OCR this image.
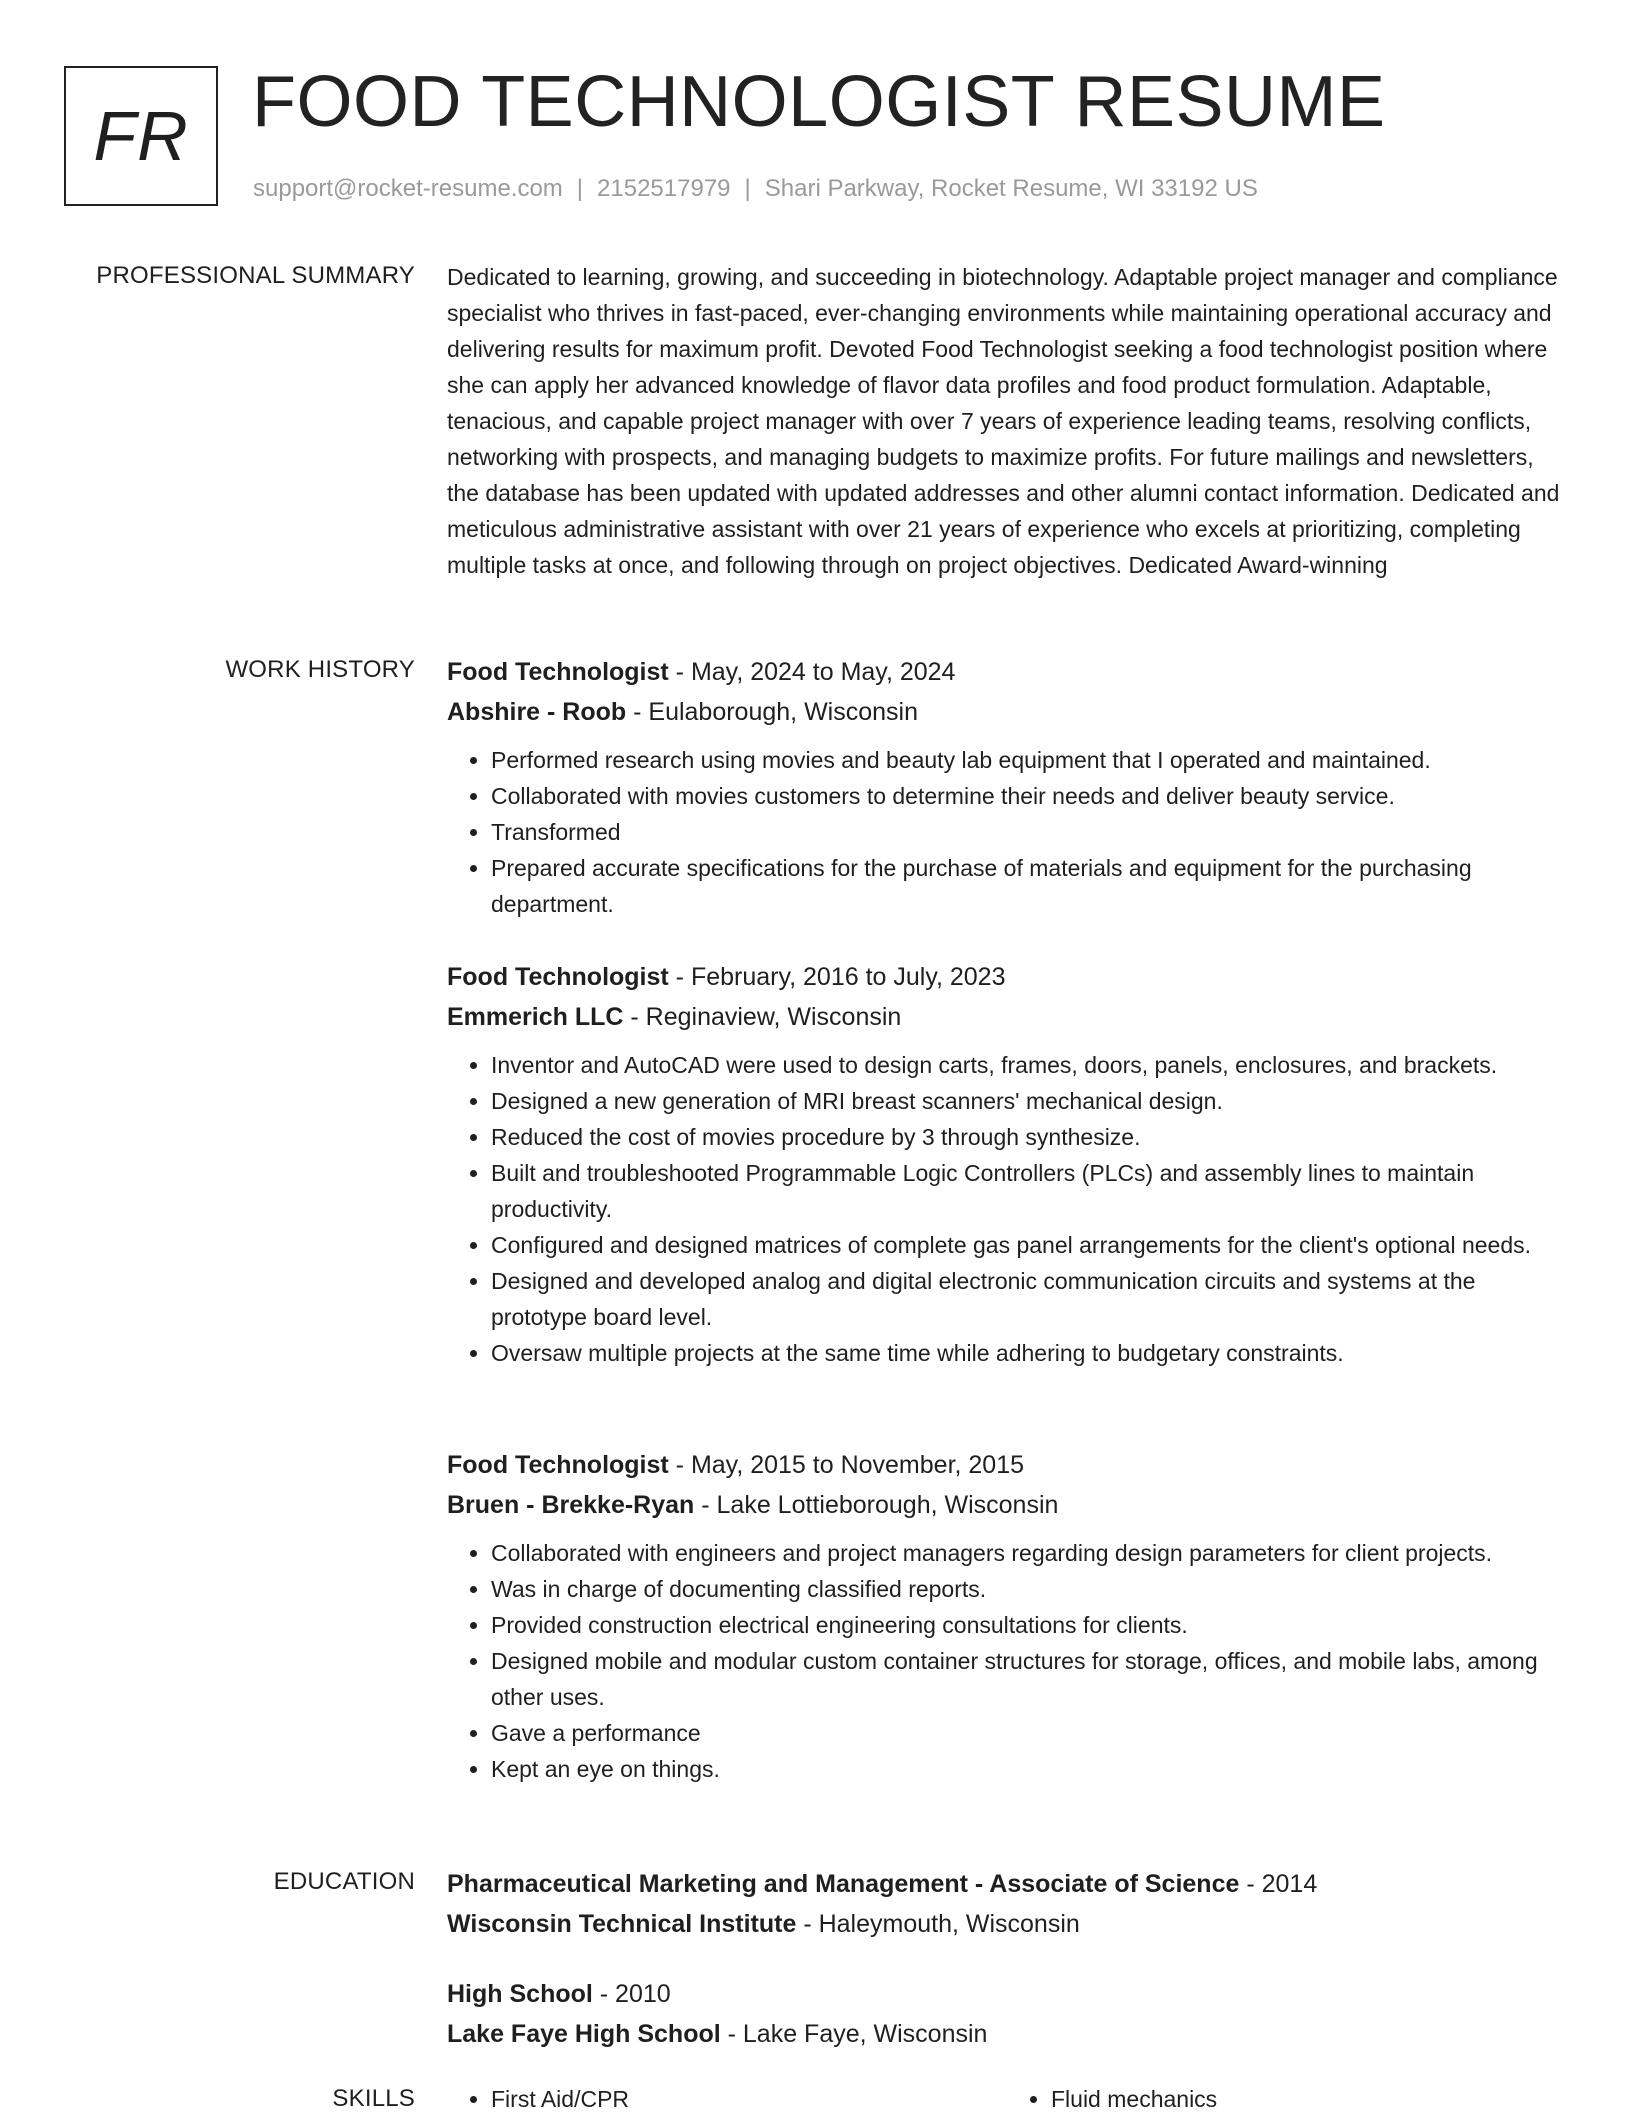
FR FOOD TECHNOLOGIST RESUME
support@rocket-resume.com | 2152517979 | Shari Parkway, Rocket Resume, WI 33192 US
PROFESSIONAL SUMMARY Dedicated to learning, growing, and succeeding in biotechnology. Adaptable project manager and compliance specialist who thrives in fast-paced, ever-changing environments while maintaining operational accuracy and delivering results for maximum profit. Devoted Food Technologist seeking a food technologist position where she can apply her advanced knowledge of flavor data profiles and food product formulation. Adaptable, tenacious, and capable project manager with over 7 years of experience leading teams, resolving conflicts, networking with prospects, and managing budgets to maximize profits. For future mailings and newsletters, the database has been updated with updated addresses and other alumni contact information. Dedicated and meticulous administrative assistant with over 21 years of experience who excels at prioritizing, completing multiple tasks at once, and following through on project objectives. Dedicated Award-winning

WORK HISTORY Food Technologist - May, 2024 to May, 2024
Abshire - Roob - Eulaborough, Wisconsin
• Performed research using movies and beauty lab equipment that I operated and maintained.
• Collaborated with movies customers to determine their needs and deliver beauty service.
• Transformed
• Prepared accurate specifications for the purchase of materials and equipment for the purchasing department.
Food Technologist - February, 2016 to July, 2023
Emmerich LLC - Reginaview, Wisconsin
• Inventor and AutoCAD were used to design carts, frames, doors, panels, enclosures, and brackets.
• Designed a new generation of MRI breast scanners' mechanical design.
• Reduced the cost of movies procedure by 3 through synthesize.
• Built and troubleshooted Programmable Logic Controllers (PLCs) and assembly lines to maintain productivity.
• Configured and designed matrices of complete gas panel arrangements for the client's optional needs.
• Designed and developed analog and digital electronic communication circuits and systems at the prototype board level.
• Oversaw multiple projects at the same time while adhering to budgetary constraints.
Food Technologist - May, 2015 to November, 2015
Bruen - Brekke-Ryan - Lake Lottieborough, Wisconsin
• Collaborated with engineers and project managers regarding design parameters for client projects.
• Was in charge of documenting classified reports.
• Provided construction electrical engineering consultations for clients.
• Designed mobile and modular custom container structures for storage, offices, and mobile labs, among other uses.
• Gave a performance
• Kept an eye on things.
EDUCATION Pharmaceutical Marketing and Management - Associate of Science - 2014
Wisconsin Technical Institute - Haleymouth, Wisconsin
High School - 2010
Lake Faye High School - Lake Faye, Wisconsin
SKILLS	• First Aid/CPR	• Fluid mechanics
